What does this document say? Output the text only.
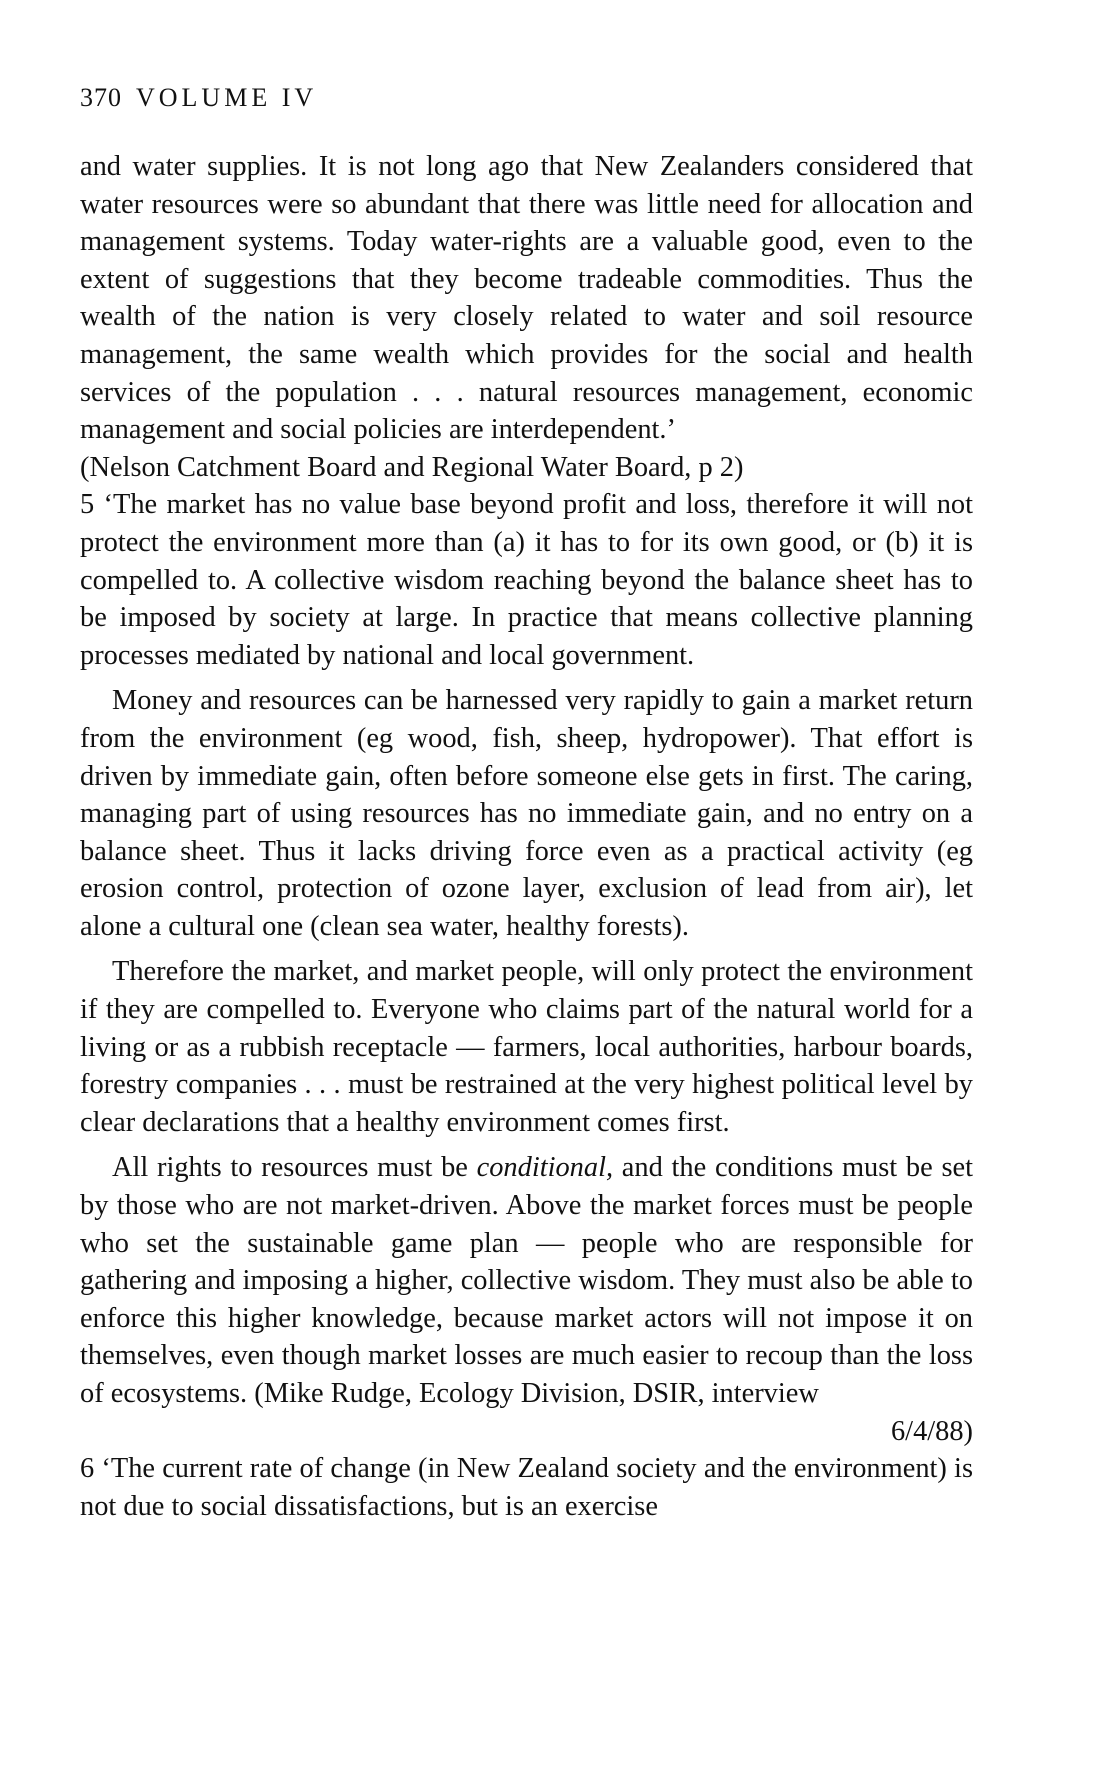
370 VOLUME IV

and water supplies. It is not long ago that New Zealanders considered that water resources were so abundant that there was little need for allocation and management systems. Today water-rights are a valuable good, even to the extent of suggestions that they become tradeable commodities. Thus the wealth of the nation is very closely related to water and soil resource management, the same wealth which provides for the social and health services of the population . . . natural resources management, economic management and social policies are interdependent.’

(Nelson Catchment Board and Regional Water Board, p 2)

5 ‘The market has no value base beyond profit and loss, therefore it will not protect the environment more than (a) it has to for its own good, or (b) it is compelled to. A collective wisdom reaching beyond the balance sheet has to be imposed by society at large. In practice that means collective planning processes mediated by national and local government.

Money and resources can be harnessed very rapidly to gain a market return from the environment (eg wood, fish, sheep, hydropower). That effort is driven by immediate gain, often before someone else gets in first. The caring, managing part of using resources has no immediate gain, and no entry on a balance sheet. Thus it lacks driving force even as a practical activity (eg erosion control, protection of ozone layer, exclusion of lead from air), let alone a cultural one (clean sea water, healthy forests).

Therefore the market, and market people, will only protect the environment if they are compelled to. Everyone who claims part of the natural world for a living or as a rubbish receptacle — farmers, local authorities, harbour boards, forestry companies . . . must be restrained at the very highest political level by clear declarations that a healthy environment comes first.

All rights to resources must be conditional, and the conditions must be set by those who are not market-driven. Above the market forces must be people who set the sustainable game plan — people who are responsible for gathering and imposing a higher, collective wisdom. They must also be able to enforce this higher knowledge, because market actors will not impose it on themselves, even though market losses are much easier to recoup than the loss of ecosystems. (Mike Rudge, Ecology Division, DSIR, interview

6/4/88)

6 ‘The current rate of change (in New Zealand society and the environment) is not due to social dissatisfactions, but is an exercise
